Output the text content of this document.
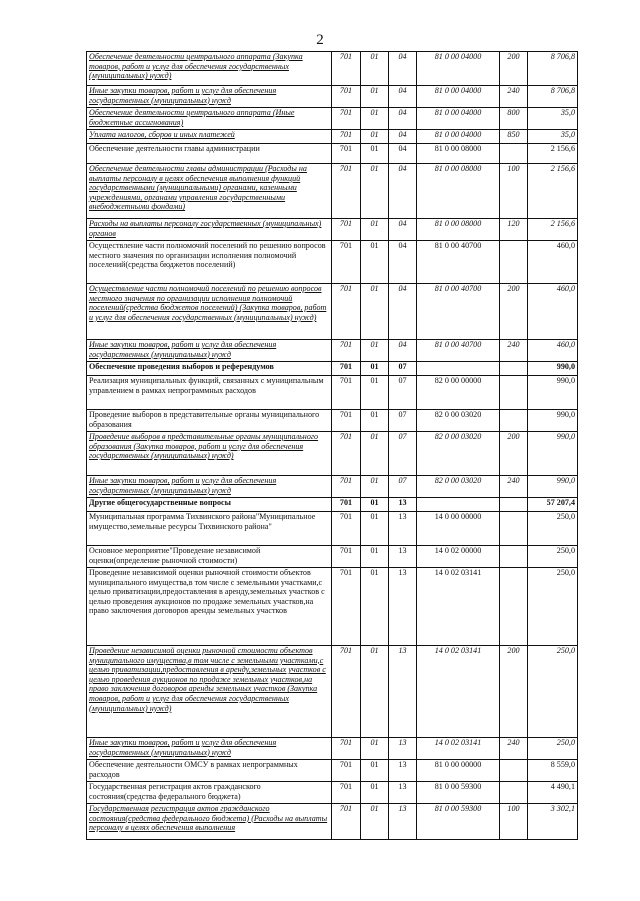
2
Обеспечение деятельности центрального аппарата (Закупка товаров, работ и услуг для обеспечения государственных (муниципальных) нужд)	701	01	04	81 0 00 04000	200	8 706,8
Иные закупки товаров, работ и услуг для обеспечения государственных (муниципальных) нужд	701	01	04	81 0 00 04000	240	8 706,8
Обеспечение деятельности центрального аппарата (Иные бюджетные ассигнования)	701	01	04	81 0 00 04000	800	35,0
Уплата налогов, сборов и иных платежей	701	01	04	81 0 00 04000	850	35,0
Обеспечение деятельности главы администрации	701	01	04	81 0 00 08000		2 156,6
Обеспечение деятельности главы администрации (Расходы на выплаты персоналу в целях обеспечения выполнения функций государственными (муниципальными) органами, казенными учреждениями, органами управления государственными внебюджетными фондами)	701	01	04	81 0 00 08000	100	2 156,6
Расходы на выплаты персоналу государственных (муниципальных) органов	701	01	04	81 0 00 08000	120	2 156,6
Осуществление части полномочий поселений по решению вопросов местного значения по организации исполнения полномочий поселений(средства бюджетов поселений)	701	01	04	81 0 00 40700		460,0
Осуществление части полномочий поселений по решению вопросов местного значения по организации исполнения полномочий поселений(средства бюджетов поселений) (Закупка товаров, работ и услуг для обеспечения государственных (муниципальных) нужд)	701	01	04	81 0 00 40700	200	460,0
Иные закупки товаров, работ и услуг для обеспечения государственных (муниципальных) нужд	701	01	04	81 0 00 40700	240	460,0
Обеспечение проведения выборов и референдумов	701	01	07			990,0
Реализация муниципальных функций, связанных с муниципальным управлением в рамках непрограммных расходов	701	01	07	82 0 00 00000		990,0
Проведение выборов в представительные органы муниципального образования	701	01	07	82 0 00 03020		990,0
Проведение выборов в представительные органы муниципального образования (Закупка товаров, работ и услуг для обеспечения государственных (муниципальных) нужд)	701	01	07	82 0 00 03020	200	990,0
Иные закупки товаров, работ и услуг для обеспечения государственных (муниципальных) нужд	701	01	07	82 0 00 03020	240	990,0
Другие общегосударственные вопросы	701	01	13			57 207,4
Муниципальная программа Тихвинского района"Муниципальное имущество,земельные ресурсы Тихвинского района"	701	01	13	14 0 00 00000		250,0
Основное мероприятие"Проведение независимой оценки(определение рыночной стоимости)	701	01	13	14 0 02 00000		250,0
Проведение независимой оценки рыночной стоимости объектов муниципального имущества,в том числе с земельными участками,с целью приватизации,предоставления в аренду,земельных участков с целью проведения аукционов по продаже земельных участков,на право заключения договоров аренды земельных участков	701	01	13	14 0 02 03141		250,0
Проведение независимой оценки рыночной стоимости объектов муниципального имущества,в том числе с земельными участками,с целью приватизации,предоставления в аренду,земельных участков с целью проведения аукционов по продаже земельных участков,на право заключения договоров аренды земельных участков (Закупка товаров, работ и услуг для обеспечения государственных (муниципальных) нужд)	701	01	13	14 0 02 03141	200	250,0
Иные закупки товаров, работ и услуг для обеспечения государственных (муниципальных) нужд	701	01	13	14 0 02 03141	240	250,0
Обеспечение деятельности ОМСУ в рамках непрограммных расходов	701	01	13	81 0 00 00000		8 559,0
Государственная регистрация актов гражданского состояния(средства федерального бюджета)	701	01	13	81 0 00 59300		4 490,1
Государственная регистрация актов гражданского состояния(средства федерального бюджета) (Расходы на выплаты персоналу в целях обеспечения выполнения	701	01	13	81 0 00 59300	100	3 302,1
